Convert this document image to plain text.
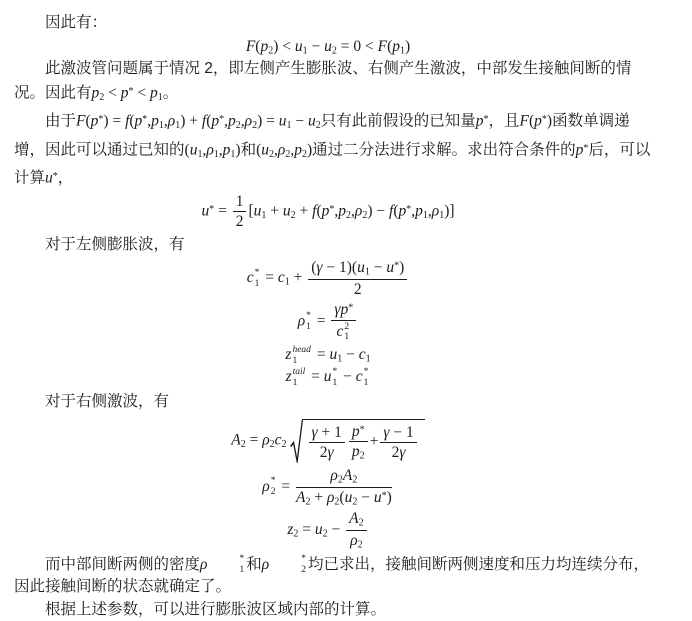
因此有：

F(p2) < u1 − u2 = 0 < F(p1)

此激波管问题属于情况 2，即左侧产生膨胀波、右侧产生激波，中部发生接触间断的情况。因此有p2 < p* < p1。

由于F(p*) = f(p*,p1,ρ1) + f(p*,p2,ρ2) = u1 − u2只有此前假设的已知量p*，且F(p*)函数单调递增，因此可以通过已知的(u1,ρ1,p1)和(u2,ρ2,p2)通过二分法进行求解。求出符合条件的p*后，可以计算u*，

$u^* = \frac{1}{2} [u1 + u2 + f(p^*,p2,\rho 2) - f(p^*,p1,\rho 1)]$

对于左侧膨胀波，有

c *
$1 = c1 + \frac{(\gamma - 1)(u1 - u^*)}{2}$
ρ *
1 = γp*
c 2
1
z head
1	= u1 − c1
z tail
1 = u *
1 − c *
1

对于右侧激波，有

$A2 = \rho 2c2 \frac{\gamma + 1}{2\gamma} \frac{p^*}{p2} + \frac{\gamma - 1}{2\gamma}$
ρ *
$2 = \frac{\rho 2A2}{A2 + \rho 2(u2 - u^*)}$
$z2 = u2 - \frac{A2}{\rho 2}$

而中部间断两侧的密度ρ	*
1 和ρ	*
2 均已求出，接触间断两侧速度和压力均连续分布，因此接触间断的状态就确定了。

根据上述参数，可以进行膨胀波区域内部的计算。
